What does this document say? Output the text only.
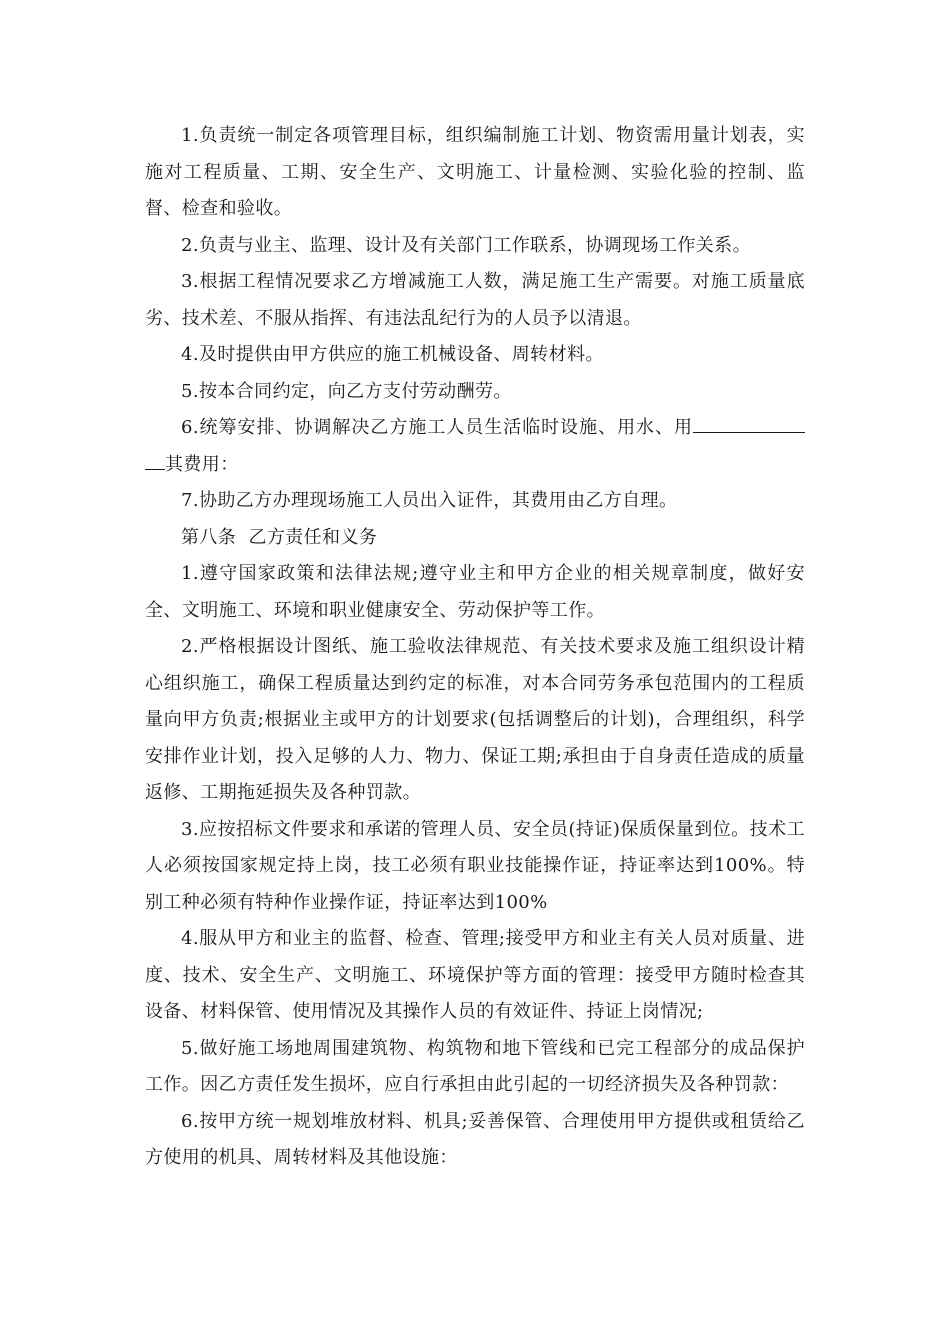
1.负责统一制定各项管理目标，组织编制施工计划、物资需用量计划表，实施对工程质量、工期、安全生产、文明施工、计量检测、实验化验的控制、监督、检查和验收。

2.负责与业主、监理、设计及有关部门工作联系，协调现场工作关系。

3.根据工程情况要求乙方增减施工人数，满足施工生产需要。对施工质量底劣、技术差、不服从指挥、有违法乱纪行为的人员予以清退。

4.及时提供由甲方供应的施工机械设备、周转材料。

5.按本合同约定，向乙方支付劳动酬劳。

6.统筹安排、协调解决乙方施工人员生活临时设施、用水、用其费用：

7.协助乙方办理现场施工人员出入证件，其费用由乙方自理。

第八条  乙方责任和义务

1.遵守国家政策和法律法规;遵守业主和甲方企业的相关规章制度，做好安全、文明施工、环境和职业健康安全、劳动保护等工作。

2.严格根据设计图纸、施工验收法律规范、有关技术要求及施工组织设计精心组织施工，确保工程质量达到约定的标准，对本合同劳务承包范围内的工程质量向甲方负责;根据业主或甲方的计划要求(包括调整后的计划)，合理组织，科学安排作业计划，投入足够的人力、物力、保证工期;承担由于自身责任造成的质量返修、工期拖延损失及各种罚款。

3.应按招标文件要求和承诺的管理人员、安全员(持证)保质保量到位。技术工人必须按国家规定持上岗，技工必须有职业技能操作证，持证率达到100%。特别工种必须有特种作业操作证，持证率达到100%

4.服从甲方和业主的监督、检查、管理;接受甲方和业主有关人员对质量、进度、技术、安全生产、文明施工、环境保护等方面的管理：接受甲方随时检查其设备、材料保管、使用情况及其操作人员的有效证件、持证上岗情况;

5.做好施工场地周围建筑物、构筑物和地下管线和已完工程部分的成品保护工作。因乙方责任发生损坏，应自行承担由此引起的一切经济损失及各种罚款：

6.按甲方统一规划堆放材料、机具;妥善保管、合理使用甲方提供或租赁给乙方使用的机具、周转材料及其他设施：
